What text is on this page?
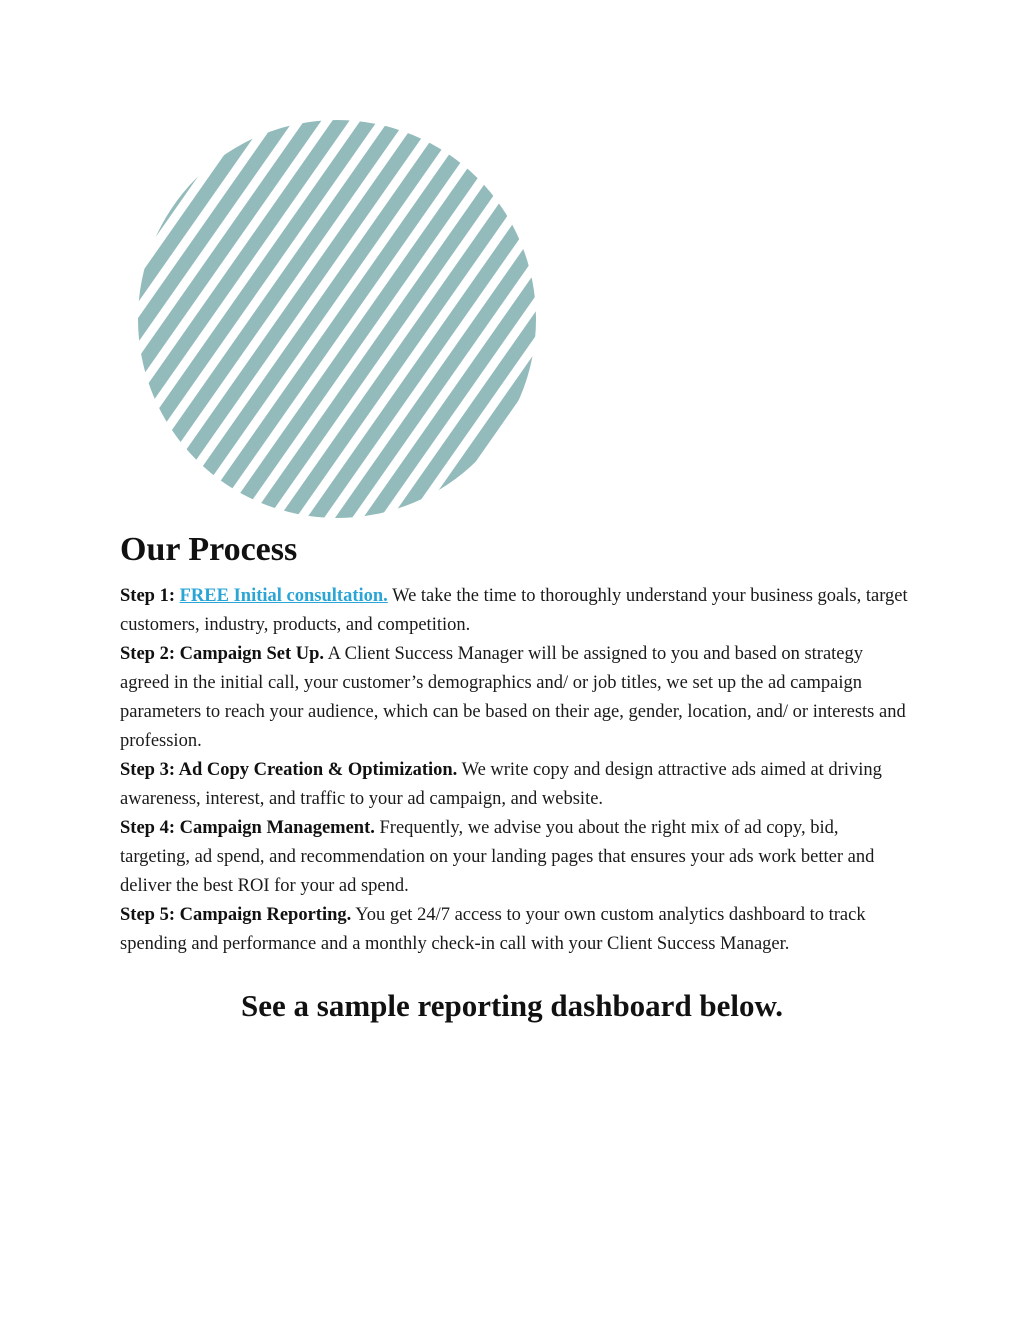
Our Process

Step 1: FREE Initial consultation. We take the time to thoroughly understand your business goals, target customers, industry, products, and competition.

Step 2: Campaign Set Up. A Client Success Manager will be assigned to you and based on strategy agreed in the initial call, your customer’s demographics and/ or job titles, we set up the ad campaign parameters to reach your audience, which can be based on their age, gender, location, and/ or interests and profession.

Step 3: Ad Copy Creation & Optimization. We write copy and design attractive ads aimed at driving awareness, interest, and traffic to your ad campaign, and website.

Step 4: Campaign Management. Frequently, we advise you about the right mix of ad copy, bid, targeting, ad spend, and recommendation on your landing pages that ensures your ads work better and deliver the best ROI for your ad spend.

Step 5: Campaign Reporting. You get 24/7 access to your own custom analytics dashboard to track spending and performance and a monthly check-in call with your Client Success Manager.

See a sample reporting dashboard below.
